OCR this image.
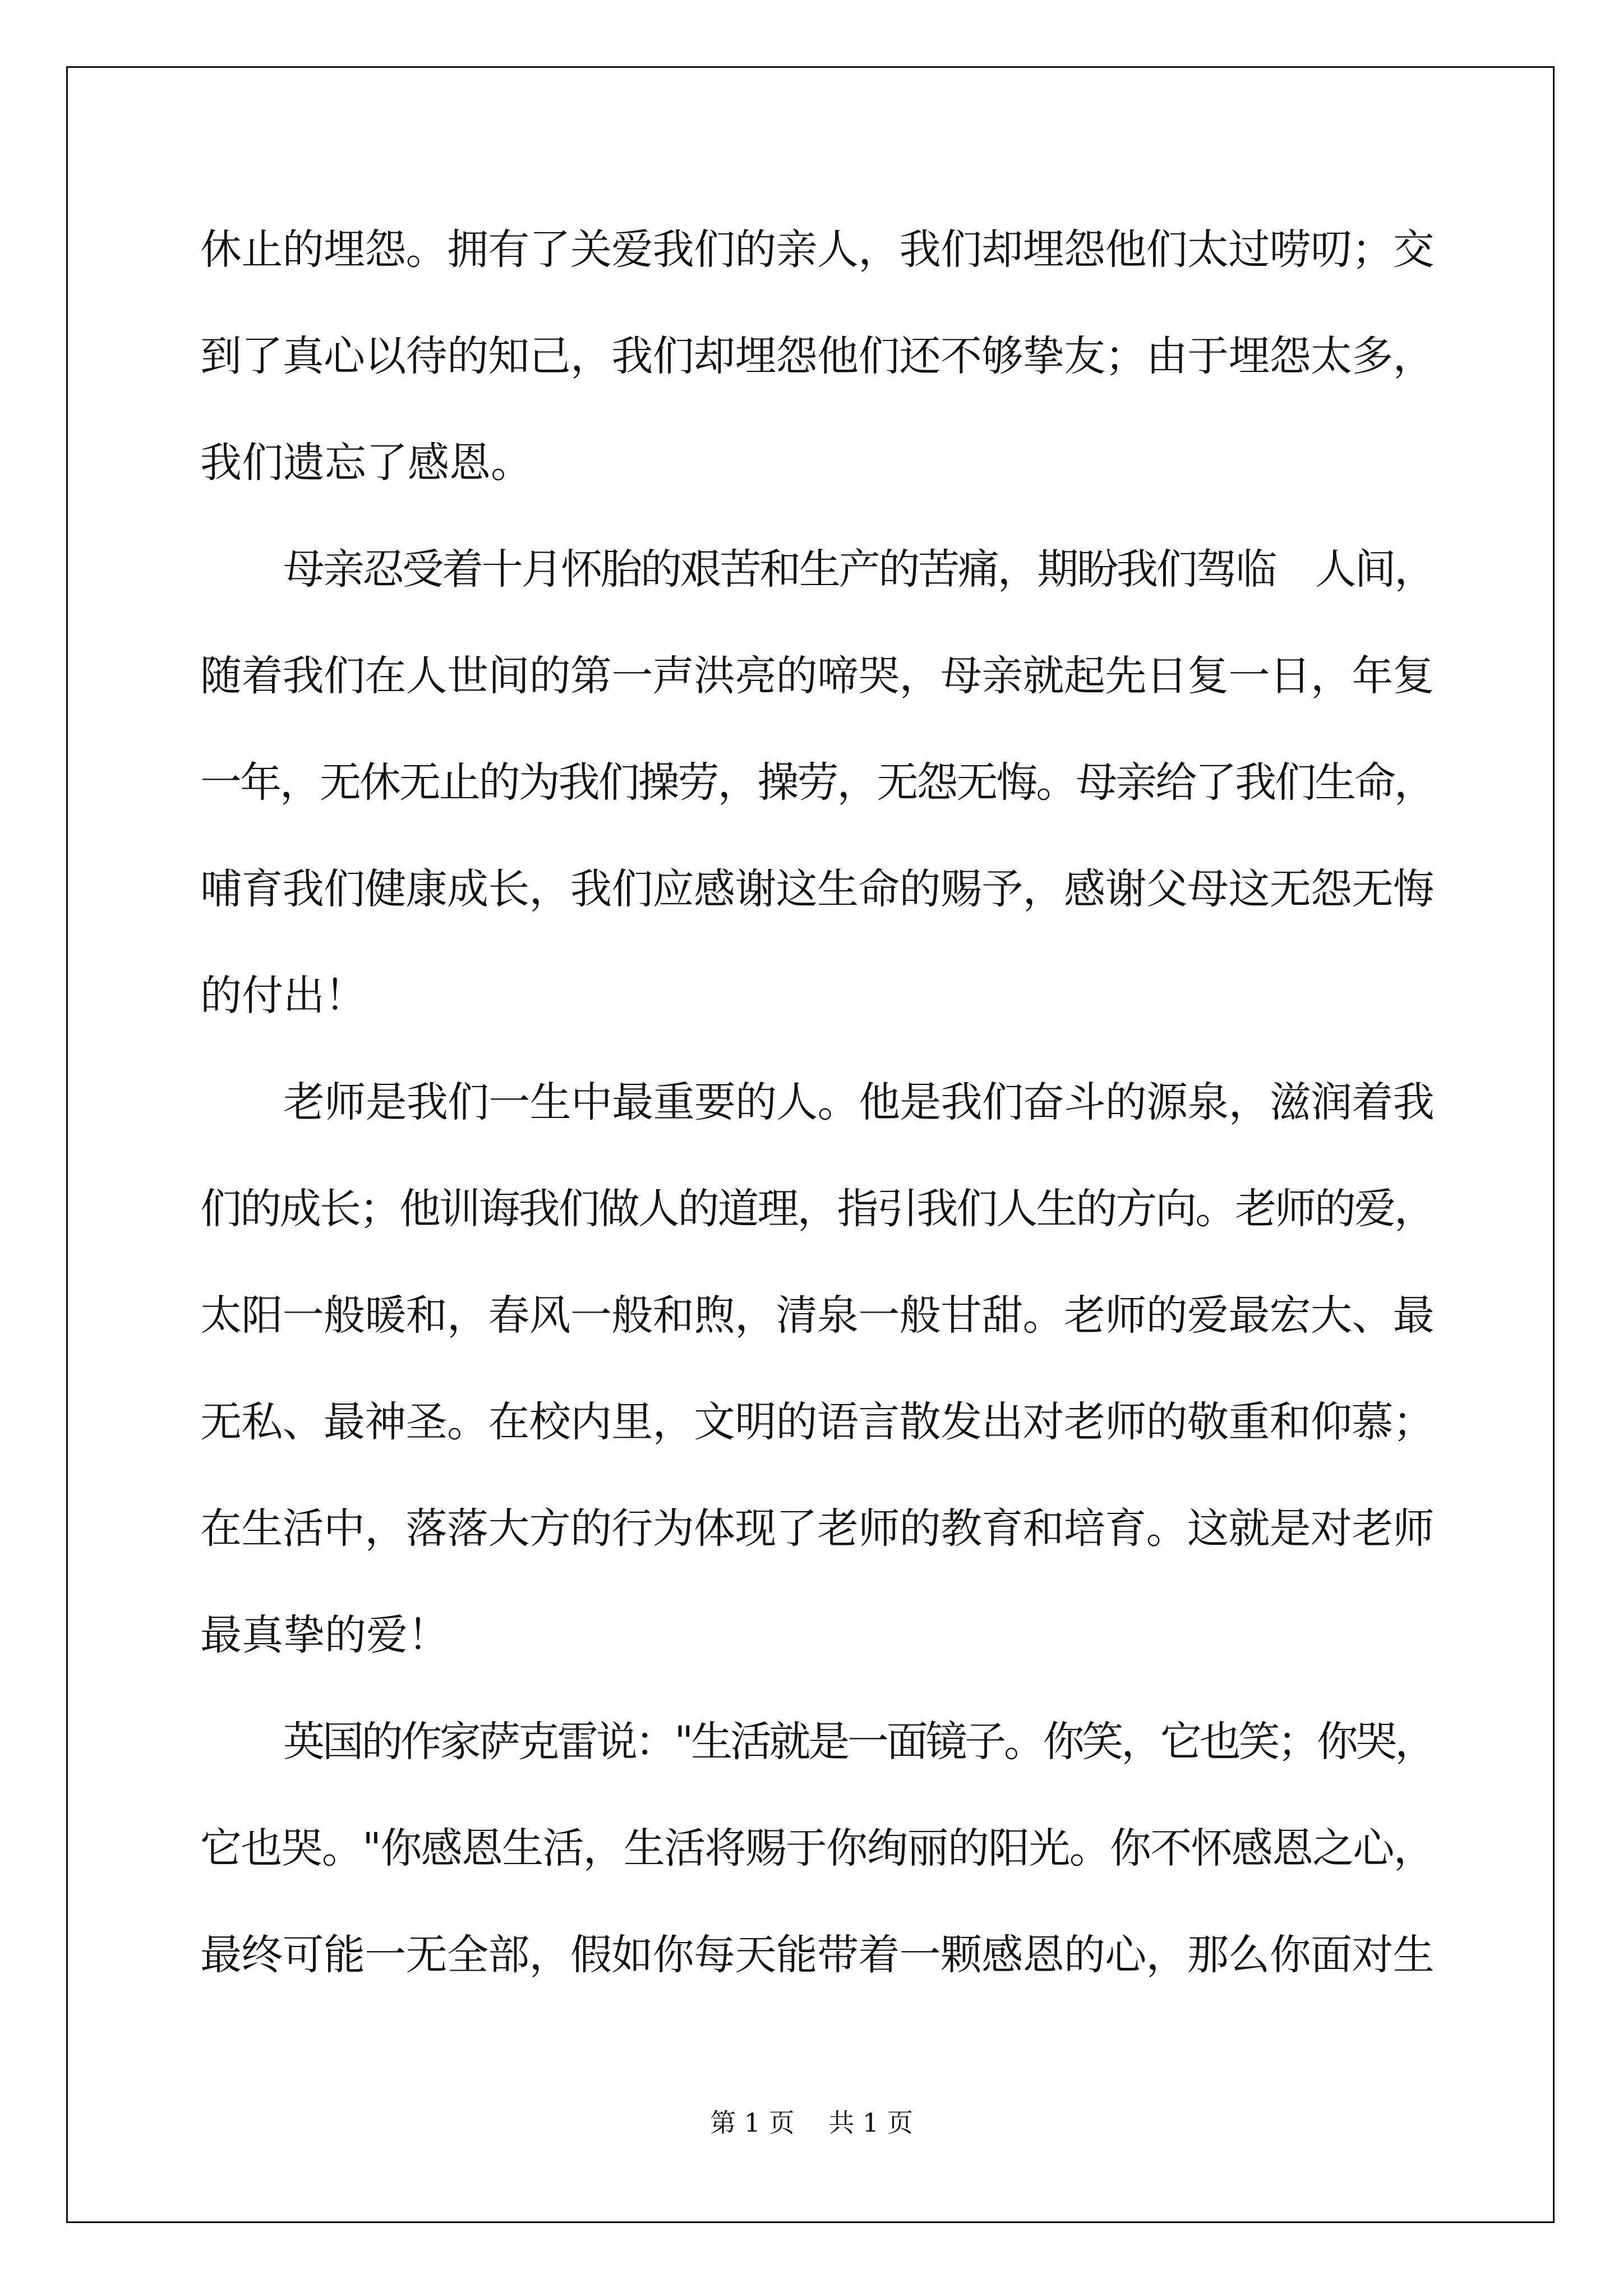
休止的埋怨。拥有了关爱我们的亲人，我们却埋怨他们太过唠叨；交
到了真心以待的知己，我们却埋怨他们还不够挚友；由于埋怨太多，
我们遗忘了感恩。
母亲忍受着十月怀胎的艰苦和生产的苦痛，期盼我们驾临　人间，
随着我们在人世间的第一声洪亮的啼哭，母亲就起先日复一日，年复
一年，无休无止的为我们操劳，操劳，无怨无悔。母亲给了我们生命，
哺育我们健康成长，我们应感谢这生命的赐予，感谢父母这无怨无悔
的付出！
老师是我们一生中最重要的人。他是我们奋斗的源泉，滋润着我
们的成长；他训诲我们做人的道理，指引我们人生的方向。老师的爱，
太阳一般暖和，春风一般和煦，清泉一般甘甜。老师的爱最宏大、最
无私、最神圣。在校内里，文明的语言散发出对老师的敬重和仰慕；
在生活中，落落大方的行为体现了老师的教育和培育。这就是对老师
最真挚的爱！
英国的作家萨克雷说："生活就是一面镜子。你笑，它也笑；你哭，
它也哭。"你感恩生活，生活将赐于你绚丽的阳光。你不怀感恩之心，
最终可能一无全部，假如你每天能带着一颗感恩的心，那么你面对生
第 1 页　 共 1 页
